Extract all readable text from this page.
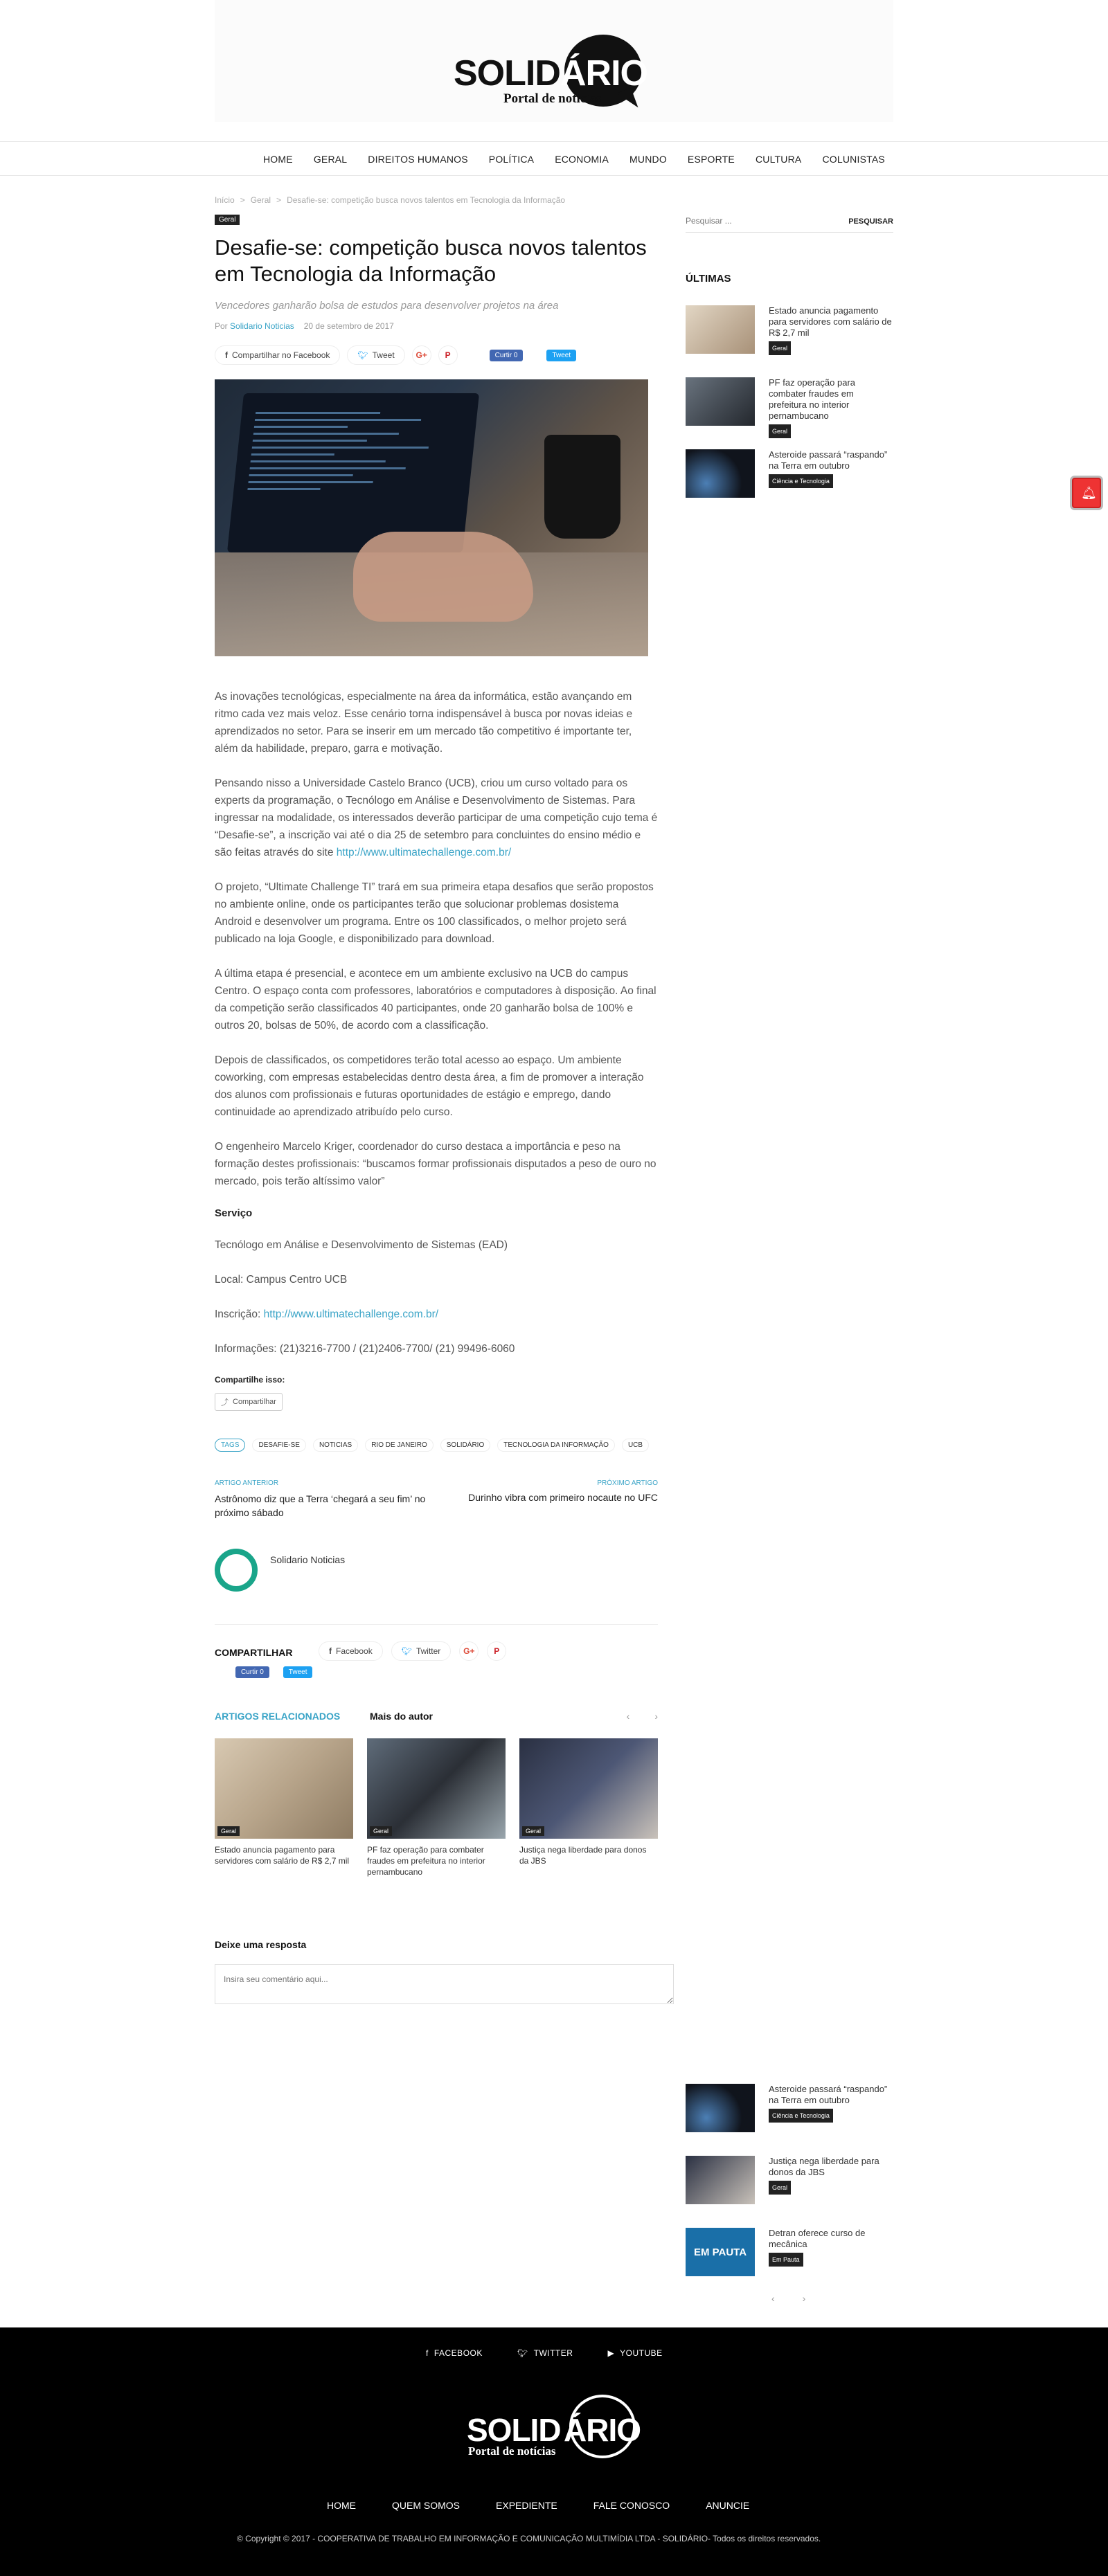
SOLID ÁRIO
Portal de notícias
HOME GERAL DIREITOS HUMANOS POLÍTICA ECONOMIA MUNDO ESPORTE CULTURA COLUNISTAS
Início > Geral > Desafie-se: competição busca novos talentos em Tecnologia da Informação
Geral
Desafie-se: competição busca novos talentos em Tecnologia da Informação
Vencedores ganharão bolsa de estudos para desenvolver projetos na área
Por Solidario Noticias 20 de setembro de 2017
f Compartilhar no Facebook	🐦︎ Tweet	G+ P	Curtir 0	Tweet

As inovações tecnológicas, especialmente na área da informática, estão avançando em ritmo cada vez mais veloz. Esse cenário torna indispensável à busca por novas ideias e aprendizados no setor. Para se inserir em um mercado tão competitivo é importante ter, além da habilidade, preparo, garra e motivação.

Pensando nisso a Universidade Castelo Branco (UCB), criou um curso voltado para os experts da programação, o Tecnólogo em Análise e Desenvolvimento de Sistemas. Para ingressar na modalidade, os interessados deverão participar de uma competição cujo tema é “Desafie-se”, a inscrição vai até o dia 25 de setembro para concluintes do ensino médio e são feitas através do site http://www.ultimatechallenge.com.br/

O projeto, “Ultimate Challenge TI” trará em sua primeira etapa desafios que serão propostos no ambiente online, onde os participantes terão que solucionar problemas dosistema Android e desenvolver um programa. Entre os 100 classificados, o melhor projeto será publicado na loja Google, e disponibilizado para download.

A última etapa é presencial, e acontece em um ambiente exclusivo na UCB do campus Centro. O espaço conta com professores, laboratórios e computadores à disposição. Ao final da competição serão classificados 40 participantes, onde 20 ganharão bolsa de 100% e outros 20, bolsas de 50%, de acordo com a classificação.

Depois de classificados, os competidores terão total acesso ao espaço. Um ambiente coworking, com empresas estabelecidas dentro desta área, a fim de promover a interação dos alunos com profissionais e futuras oportunidades de estágio e emprego, dando continuidade ao aprendizado atribuído pelo curso.

O engenheiro Marcelo Kriger, coordenador do curso destaca a importância e peso na formação destes profissionais: “buscamos formar profissionais disputados a peso de ouro no mercado, pois terão altíssimo valor”

Serviço

Tecnólogo em Análise e Desenvolvimento de Sistemas (EAD)

Local: Campus Centro UCB

Inscrição: http://www.ultimatechallenge.com.br/

Informações: (21)3216-7700 / (21)2406-7700/ (21) 99496-6060

Compartilhe isso:
⤴ Compartilhar
TAGS	DESAFIE-SE	NOTICIAS	RIO DE JANEIRO	SOLIDÁRIO	TECNOLOGIA DA INFORMAÇÃO	UCB
ARTIGO ANTERIOR
Astrônomo diz que a Terra ‘chegará a seu fim’ no próximo sábado
PRÓXIMO ARTIGO
Durinho vibra com primeiro nocaute no UFC
Solidario Noticias
COMPARTILHAR	f Facebook	🐦︎ Twitter	G+ P
Curtir 0	Tweet
ARTIGOS RELACIONADOS	Mais do autor	‹	›
Geral
Estado anuncia pagamento para servidores com salário de R$ 2,7 mil
Geral
PF faz operação para combater fraudes em prefeitura no interior pernambucano
Geral
Justiça nega liberdade para donos da JBS
Deixe uma resposta
Insira seu comentário aqui...
Pesquisar ...
PESQUISAR
ÚLTIMAS
Estado anuncia pagamento para servidores com salário de R$ 2,7 mil
Geral
PF faz operação para combater fraudes em prefeitura no interior pernambucano
Geral
Asteroide passará “raspando” na Terra em outubro
Ciência e Tecnologia
Asteroide passará “raspando” na Terra em outubro
Ciência e Tecnologia
Justiça nega liberdade para donos da JBS
Geral
EM PAUTA
Detran oferece curso de mecânica
Em Pauta
‹	›
🔔︎
f FACEBOOK	🐦︎ TWITTER	▶ YOUTUBE
SOLID ÁRIO
Portal de notícias
HOME	QUEM SOMOS	EXPEDIENTE	FALE CONOSCO	ANUNCIE
© Copyright © 2017 - COOPERATIVA DE TRABALHO EM INFORMAÇÃO E COMUNICAÇÃO MULTIMÍDIA LTDA - SOLIDÁRIO- Todos os direitos reservados.
